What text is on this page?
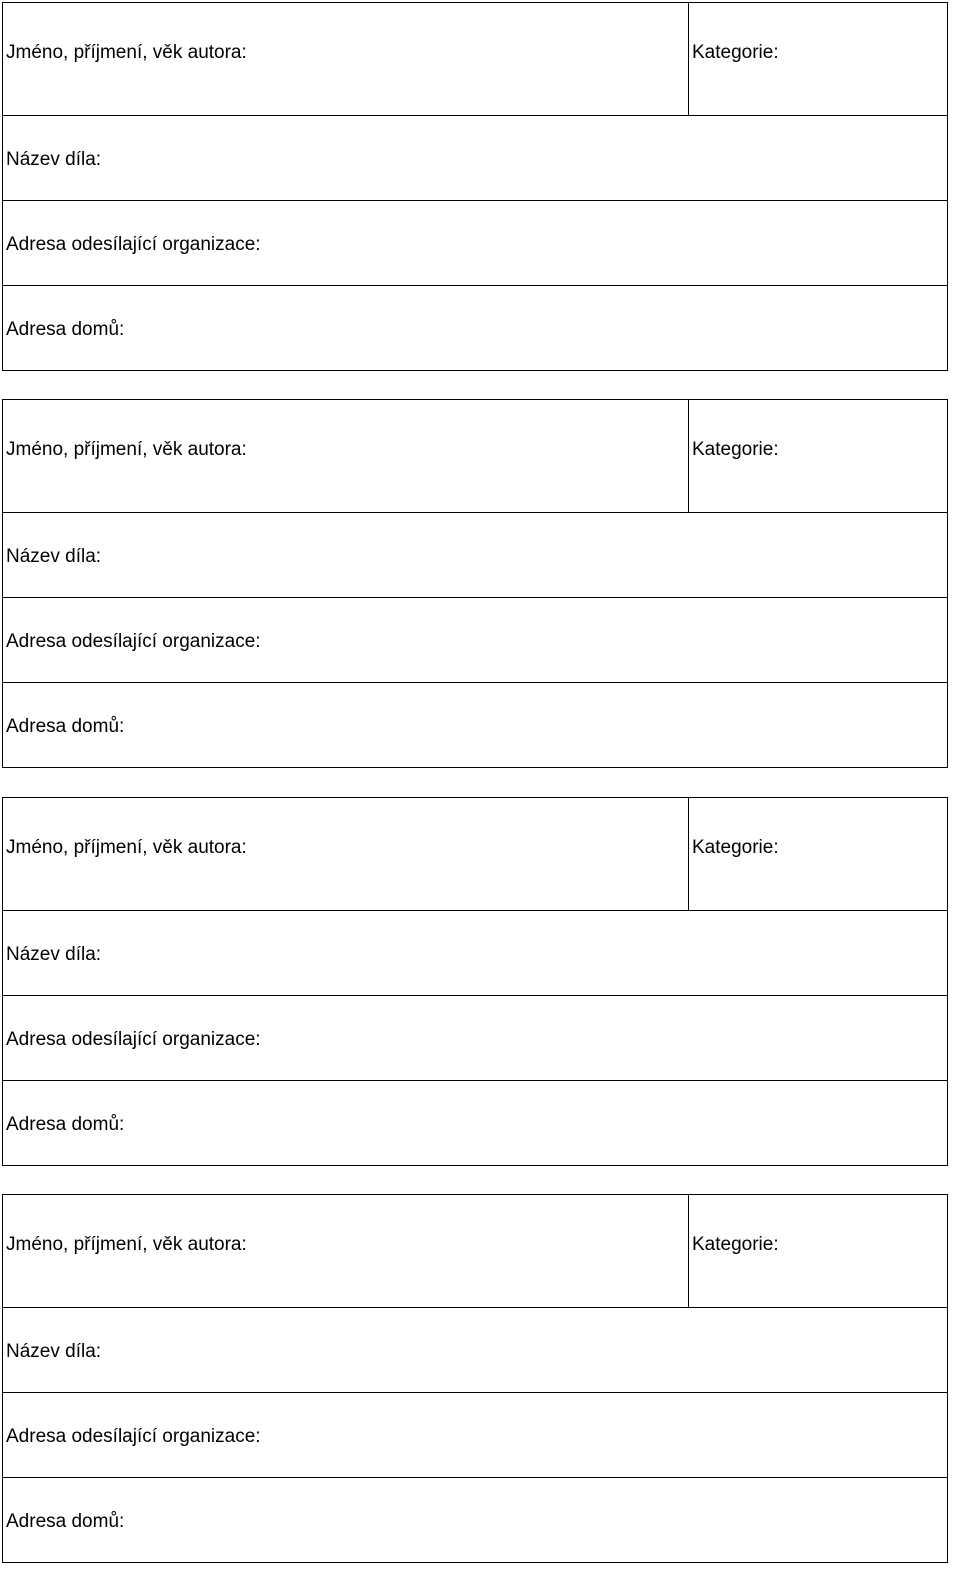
Jméno, příjmení, věk autora:	Kategorie:
Název díla:
Adresa odesílající organizace:
Adresa domů:
Jméno, příjmení, věk autora:	Kategorie:
Název díla:
Adresa odesílající organizace:
Adresa domů:
Jméno, příjmení, věk autora:	Kategorie:
Název díla:
Adresa odesílající organizace:
Adresa domů:
Jméno, příjmení, věk autora:	Kategorie:
Název díla:
Adresa odesílající organizace:
Adresa domů:
